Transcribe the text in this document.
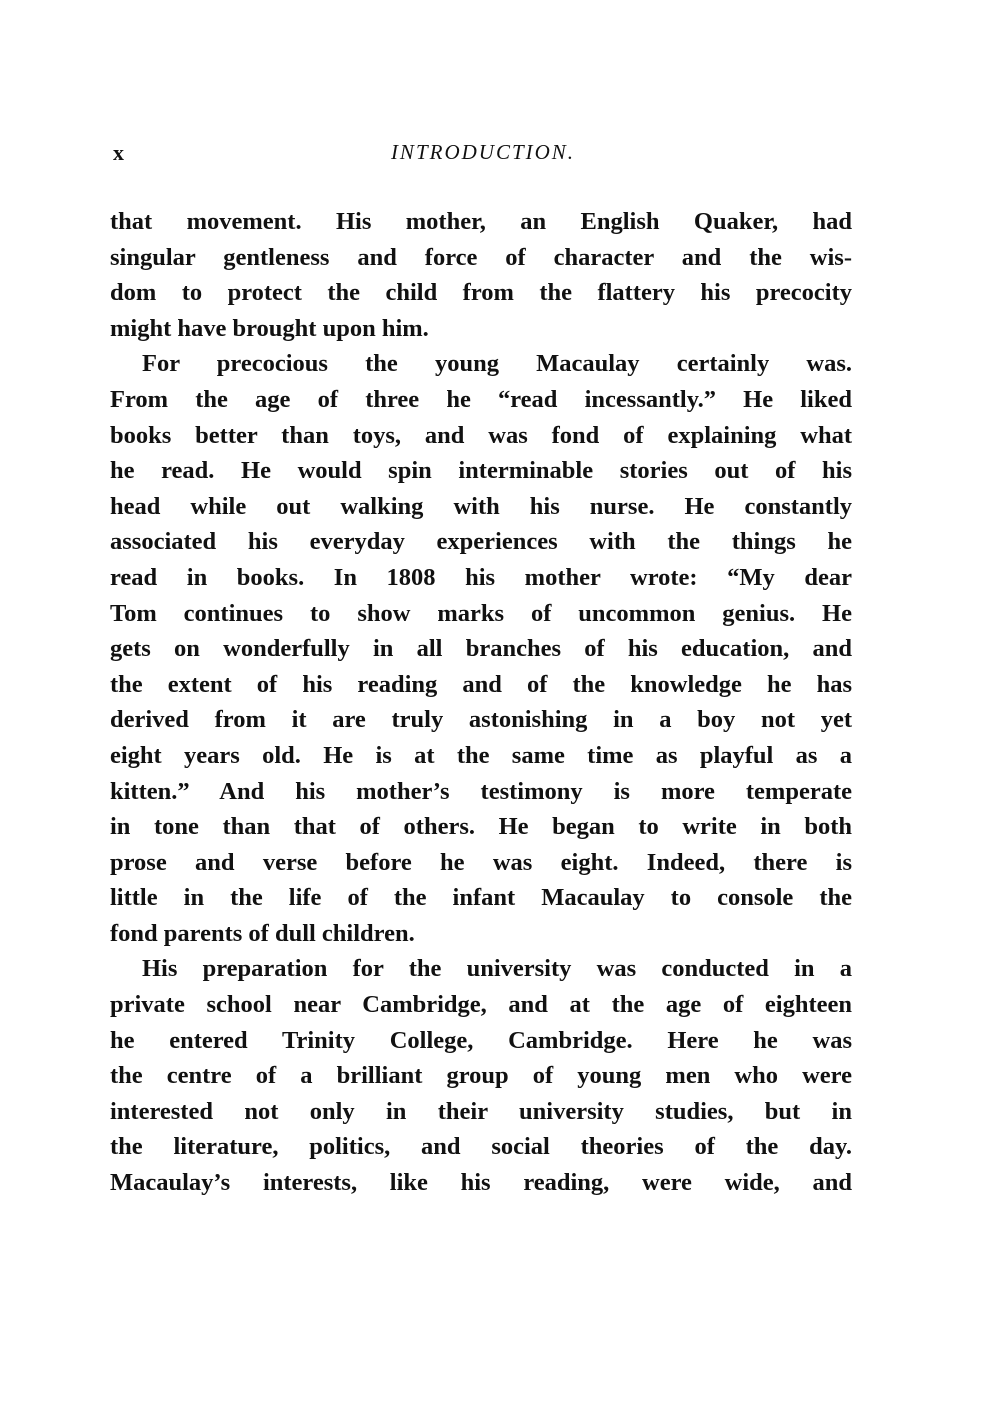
x	INTRODUCTION.
that movement. His mother, an English Quaker, had
singular gentleness and force of character and the wis-
dom to protect the child from the flattery his precocity
might have brought upon him.
For precocious the young Macaulay certainly was.
From the age of three he “read incessantly.” He liked
books better than toys, and was fond of explaining what
he read. He would spin interminable stories out of his
head while out walking with his nurse. He constantly
associated his everyday experiences with the things he
read in books. In 1808 his mother wrote: “My dear
Tom continues to show marks of uncommon genius. He
gets on wonderfully in all branches of his education, and
the extent of his reading and of the knowledge he has
derived from it are truly astonishing in a boy not yet
eight years old. He is at the same time as playful as a
kitten.” And his mother’s testimony is more temperate
in tone than that of others. He began to write in both
prose and verse before he was eight. Indeed, there is
little in the life of the infant Macaulay to console the
fond parents of dull children.
His preparation for the university was conducted in a
private school near Cambridge, and at the age of eighteen
he entered Trinity College, Cambridge. Here he was
the centre of a brilliant group of young men who were
interested not only in their university studies, but in
the literature, politics, and social theories of the day.
Macaulay’s interests, like his reading, were wide, and
